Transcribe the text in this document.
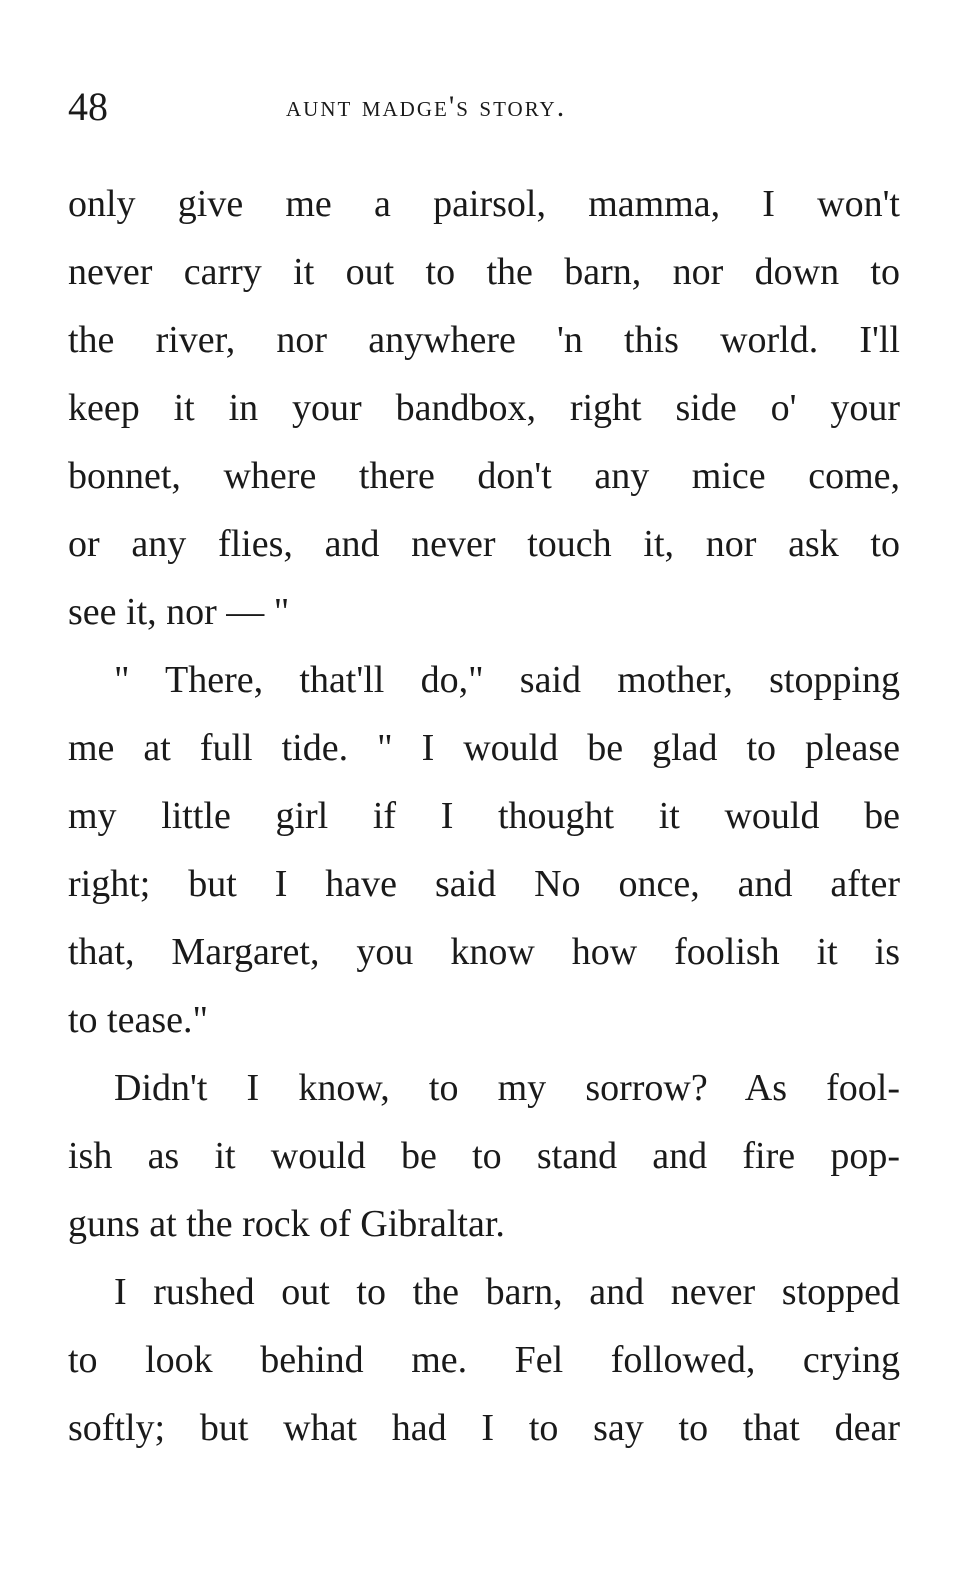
48	aunt madge's story.
only give me a pairsol, mamma, I won't
never carry it out to the barn, nor down to
the river, nor anywhere 'n this world. I'll
keep it in your bandbox, right side o' your
bonnet, where there don't any mice come,
or any flies, and never touch it, nor ask to
see it, nor — "
" There, that'll do," said mother, stopping
me at full tide. " I would be glad to please
my little girl if I thought it would be
right; but I have said No once, and after
that, Margaret, you know how foolish it is
to tease."
Didn't I know, to my sorrow? As fool-
ish as it would be to stand and fire pop-
guns at the rock of Gibraltar.
I rushed out to the barn, and never stopped
to look behind me. Fel followed, crying
softly; but what had I to say to that dear
